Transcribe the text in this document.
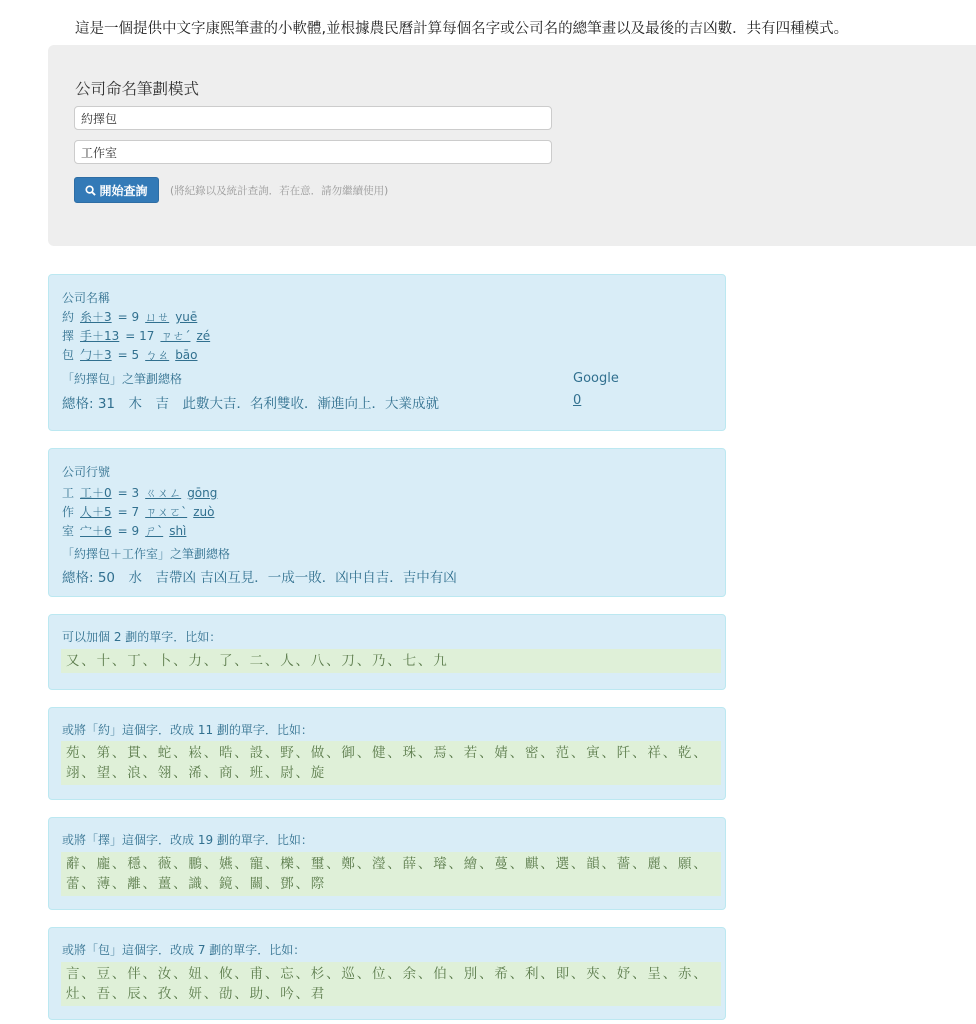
這是一個提供中文字康熙筆畫的小軟體,並根據農民曆計算每個名字或公司名的總筆畫以及最後的吉凶數．共有四種模式。
公司命名筆劃模式
約擇包
工作室
開始查詢 (將紀錄以及統計查詢．若在意．請勿繼續使用)
公司名稱
約 糸＋3 = 9 ㄩㄝ yuē
擇 手＋13 = 17 ㄗㄜˊ zé
包 勹＋3 = 5 ㄅㄠ bāo
「約擇包」之筆劃總格
總格: 31　木　吉　此數大吉．名利雙收．漸進向上．大業成就
Google
0
公司行號
工 工＋0 = 3 ㄍㄨㄥ gōng
作 人＋5 = 7 ㄗㄨㄛˋ zuò
室 宀＋6 = 9 ㄕˋ shì
「約擇包＋工作室」之筆劃總格
總格: 50　水　吉帶凶 吉凶互見．一成一敗．凶中自吉．吉中有凶
可以加個 2 劃的單字．比如：
又、十、丁、卜、力、了、二、人、八、刀、乃、七、九
或將「約」這個字．改成 11 劃的單字．比如：
苑、第、貫、蛇、崧、晧、設、野、做、御、健、珠、焉、若、婧、密、范、寅、阡、祥、乾、翊、望、浪、翎、浠、商、班、尉、旋
或將「擇」這個字．改成 19 劃的單字．比如：
辭、龐、穩、薇、鵬、嬿、寵、櫟、璽、鄭、瀅、薛、璿、繪、蔓、麒、選、韻、薔、麗、願、蕾、薄、離、薑、識、鏡、關、鄧、際
或將「包」這個字．改成 7 劃的單字．比如：
言、豆、伴、汝、妞、攸、甫、忘、杉、巡、位、余、伯、別、希、利、即、夾、妤、呈、赤、灶、吾、辰、孜、妍、劭、助、吟、君
